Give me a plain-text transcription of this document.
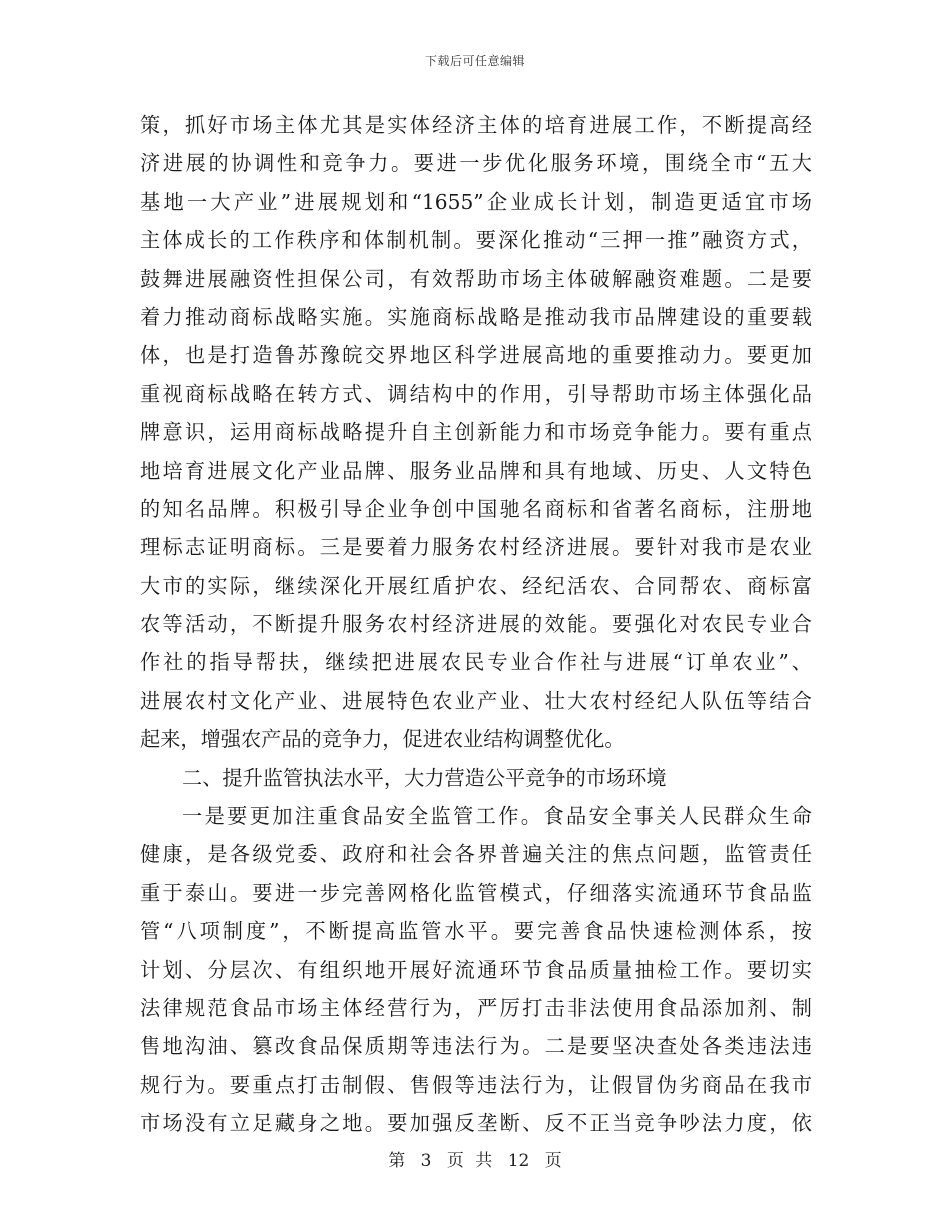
下载后可任意编辑
策，抓好市场主体尤其是实体经济主体的培育进展工作，不断提高经
济进展的协调性和竞争力。要进一步优化服务环境，围绕全市“五大
基地一大产业”进展规划和“1655”企业成长计划，制造更适宜市场
主体成长的工作秩序和体制机制。要深化推动“三押一推”融资方式，
鼓舞进展融资性担保公司，有效帮助市场主体破解融资难题。二是要
着力推动商标战略实施。实施商标战略是推动我市品牌建设的重要载
体，也是打造鲁苏豫皖交界地区科学进展高地的重要推动力。要更加
重视商标战略在转方式、调结构中的作用，引导帮助市场主体强化品
牌意识，运用商标战略提升自主创新能力和市场竞争能力。要有重点
地培育进展文化产业品牌、服务业品牌和具有地域、历史、人文特色
的知名品牌。积极引导企业争创中国驰名商标和省著名商标，注册地
理标志证明商标。三是要着力服务农村经济进展。要针对我市是农业
大市的实际，继续深化开展红盾护农、经纪活农、合同帮农、商标富
农等活动，不断提升服务农村经济进展的效能。要强化对农民专业合
作社的指导帮扶，继续把进展农民专业合作社与进展“订单农业”、
进展农村文化产业、进展特色农业产业、壮大农村经纪人队伍等结合
起来，增强农产品的竞争力，促进农业结构调整优化。
二、提升监管执法水平，大力营造公平竞争的市场环境
一是要更加注重食品安全监管工作。食品安全事关人民群众生命
健康，是各级党委、政府和社会各界普遍关注的焦点问题，监管责任
重于泰山。要进一步完善网格化监管模式，仔细落实流通环节食品监
管“八项制度”，不断提高监管水平。要完善食品快速检测体系，按
计划、分层次、有组织地开展好流通环节食品质量抽检工作。要切实
法律规范食品市场主体经营行为，严厉打击非法使用食品添加剂、制
售地沟油、篡改食品保质期等违法行为。二是要坚决查处各类违法违
规行为。要重点打击制假、售假等违法行为，让假冒伪劣商品在我市
市场没有立足藏身之地。要加强反垄断、反不正当竞争吵法力度，依
第 3 页 共 12 页
